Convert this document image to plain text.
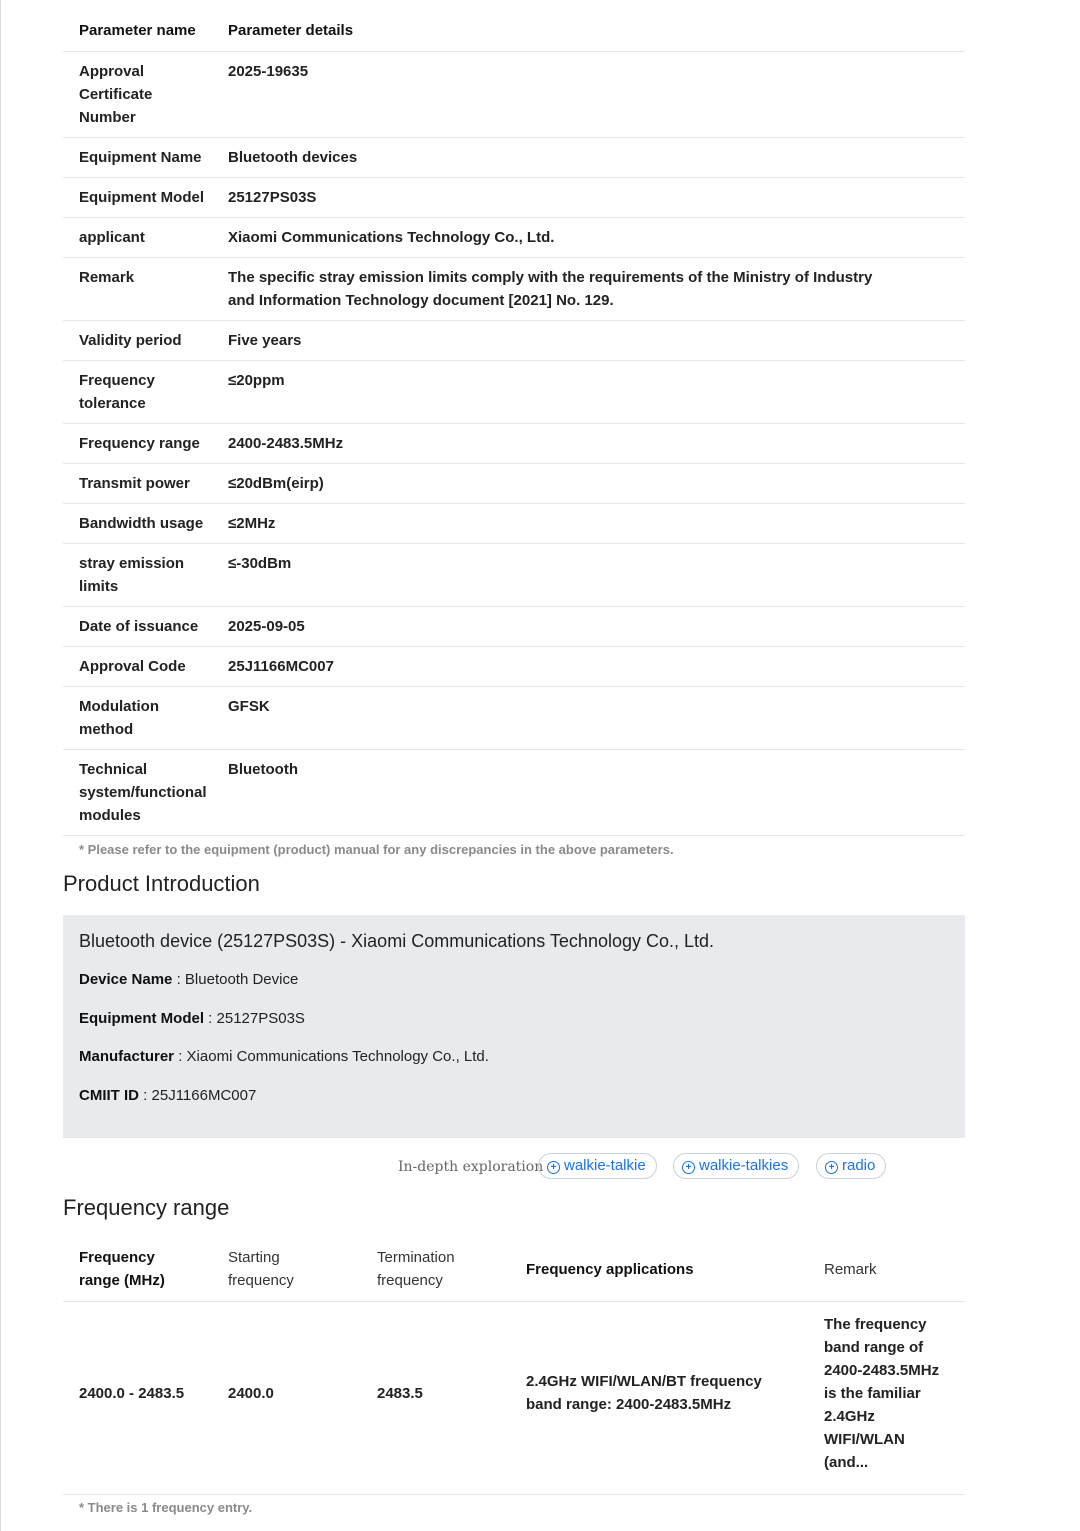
Parameter name	Parameter details
Approval Certificate Number	2025-19635
Equipment Name	Bluetooth devices
Equipment Model	25127PS03S
applicant	Xiaomi Communications Technology Co., Ltd.
Remark	The specific stray emission limits comply with the requirements of the Ministry of Industry and Information Technology document [2021] No. 129.
Validity period	Five years
Frequency tolerance	≤20ppm
Frequency range	2400-2483.5MHz
Transmit power	≤20dBm(eirp)
Bandwidth usage	≤2MHz
stray emission limits	≤-30dBm
Date of issuance	2025-09-05
Approval Code	25J1166MC007
Modulation method	GFSK
Technical system/functional modules	Bluetooth
* Please refer to the equipment (product) manual for any discrepancies in the above parameters.
Product Introduction
Bluetooth device (25127PS03S) - Xiaomi Communications Technology Co., Ltd.
Device Name : Bluetooth Device
Equipment Model : 25127PS03S
Manufacturer : Xiaomi Communications Technology Co., Ltd.
CMIIT ID : 25J1166MC007
In-depth exploration + walkie-talkie	+ walkie-talkies	+ radio
Frequency range
Frequency range (MHz)	Starting frequency	Termination frequency	Frequency applications	Remark
2400.0 - 2483.5	2400.0	2483.5	2.4GHz WIFI/WLAN/BT frequency band range: 2400-2483.5MHz	The frequency band range of 2400-2483.5MHz is the familiar 2.4GHz WIFI/WLAN (and...
* There is 1 frequency entry.
